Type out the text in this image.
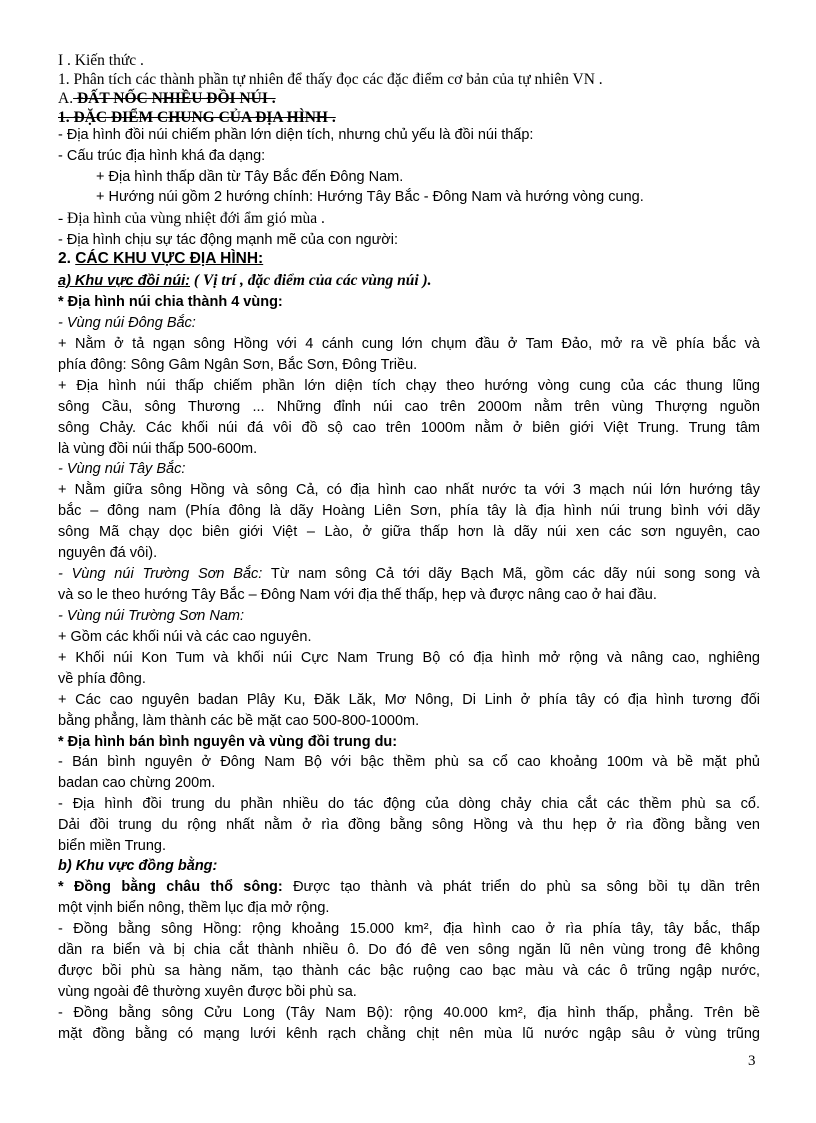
I . Kiến thức .
1. Phân tích các thành phần tự nhiên để thấy đọc các đặc điểm cơ bản của tự nhiên VN .
A. ĐẤT NỐC NHIỀU ĐỒI NÚI .
1. ĐẶC ĐIỂM CHUNG CỦA ĐỊA HÌNH .
- Địa hình đồi núi chiếm phần lớn diện tích, nhưng chủ yếu là đồi núi thấp:
- Cấu trúc địa hình khá đa dạng:
+ Địa hình thấp dần từ Tây Bắc đến Đông Nam.
+ Hướng núi gồm 2 hướng chính: Hướng Tây Bắc - Đông Nam và hướng vòng cung.
- Địa hình của vùng nhiệt đới ẩm gió mùa .
- Địa hình chịu sự tác động mạnh mẽ của con người:
2. CÁC KHU VỰC ĐỊA HÌNH:
a) Khu vực đồi núi: ( Vị trí , đặc điểm của các vùng núi ).
* Địa hình núi chia thành 4 vùng:
- Vùng núi Đông Bắc:
+ Nằm ở tả ngạn sông Hồng với 4 cánh cung lớn chụm đầu ở Tam Đảo, mở ra về phía bắc và
phía đông: Sông Gâm Ngân Sơn, Bắc Sơn, Đông Triều.
+ Địa hình núi thấp chiếm phần lớn diện tích chạy theo hướng vòng cung của các thung lũng
sông Cầu, sông Thương ... Những đỉnh núi cao trên 2000m nằm trên vùng Thượng nguồn
sông Chảy. Các khối núi đá vôi đồ sộ cao trên 1000m nằm ở biên giới Việt Trung. Trung tâm
là vùng đồi núi thấp 500-600m.
- Vùng núi Tây Bắc:
+ Nằm giữa sông Hồng và sông Cả, có địa hình cao nhất nước ta với 3 mạch núi lớn hướng tây
bắc – đông nam (Phía đông là dãy Hoàng Liên Sơn, phía tây là địa hình núi trung bình với dãy
sông Mã chạy dọc biên giới Việt – Lào, ở giữa thấp hơn là dãy núi xen các sơn nguyên, cao
nguyên đá vôi).
- Vùng núi Trường Sơn Bắc: Từ nam sông Cả tới dãy Bạch Mã, gồm các dãy núi song song và
và so le theo hướng Tây Bắc – Đông Nam với địa thế thấp, hẹp và được nâng cao ở hai đầu.
- Vùng núi Trường Sơn Nam:
+ Gồm các khối núi và các cao nguyên.
+ Khối núi Kon Tum và khối núi Cực Nam Trung Bộ có địa hình mở rộng và nâng cao, nghiêng
về phía đông.
+ Các cao nguyên badan Plây Ku, Đăk Lăk, Mơ Nông, Di Linh ở phía tây có địa hình tương đối
bằng phẳng, làm thành các bề mặt cao 500-800-1000m.
* Địa hình bán bình nguyên và vùng đồi trung du:
- Bán bình nguyên ở Đông Nam Bộ với bậc thềm phù sa cổ cao khoảng 100m và bề mặt phủ
badan cao chừng 200m.
- Địa hình đồi trung du phần nhiều do tác động của dòng chảy chia cắt các thềm phù sa cổ.
Dải đồi trung du rộng nhất nằm ở rìa đồng bằng sông Hồng và thu hẹp ở rìa đồng bằng ven
biển miền Trung.
b) Khu vực đồng bằng:
* Đồng bằng châu thổ sông: Được tạo thành và phát triển do phù sa sông bồi tụ dần trên
một vịnh biển nông, thềm lục địa mở rộng.
- Đồng bằng sông Hồng: rộng khoảng 15.000 km², địa hình cao ở rìa phía tây, tây bắc, thấp
dần ra biển và bị chia cắt thành nhiều ô. Do đó đê ven sông ngăn lũ nên vùng trong đê không
được bồi phù sa hàng năm, tạo thành các bậc ruộng cao bạc màu và các ô trũng ngập nước,
vùng ngoài đê thường xuyên được bồi phù sa.
- Đồng bằng sông Cửu Long (Tây Nam Bộ): rộng 40.000 km², địa hình thấp, phẳng. Trên bề
mặt đồng bằng có mạng lưới kênh rạch chằng chịt nên mùa lũ nước ngập sâu ở vùng trũng
3
